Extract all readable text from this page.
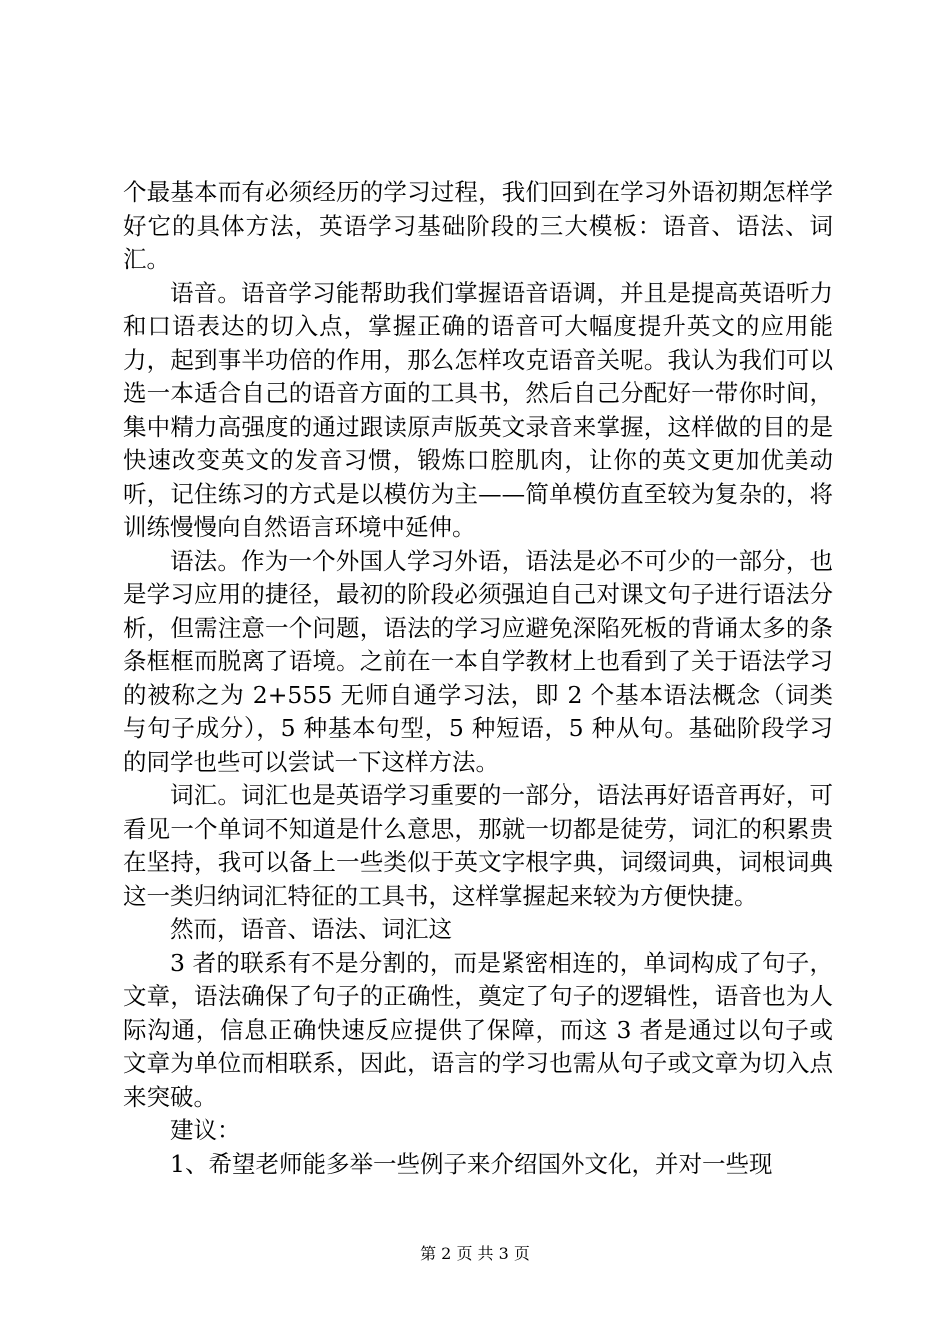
个最基本而有必须经历的学习过程，我们回到在学习外语初期怎样学好它的具体方法，英语学习基础阶段的三大模板：语音、语法、词汇。

语音。语音学习能帮助我们掌握语音语调，并且是提高英语听力和口语表达的切入点，掌握正确的语音可大幅度提升英文的应用能力，起到事半功倍的作用，那么怎样攻克语音关呢。我认为我们可以选一本适合自己的语音方面的工具书，然后自己分配好一带你时间，集中精力高强度的通过跟读原声版英文录音来掌握，这样做的目的是快速改变英文的发音习惯，锻炼口腔肌肉，让你的英文更加优美动听，记住练习的方式是以模仿为主——简单模仿直至较为复杂的，将训练慢慢向自然语言环境中延伸。

语法。作为一个外国人学习外语，语法是必不可少的一部分，也是学习应用的捷径，最初的阶段必须强迫自己对课文句子进行语法分析，但需注意一个问题，语法的学习应避免深陷死板的背诵太多的条条框框而脱离了语境。之前在一本自学教材上也看到了关于语法学习的被称之为 2+555 无师自通学习法，即 2 个基本语法概念（词类与句子成分），5 种基本句型，5 种短语，5 种从句。基础阶段学习的同学也些可以尝试一下这样方法。

词汇。词汇也是英语学习重要的一部分，语法再好语音再好，可看见一个单词不知道是什么意思，那就一切都是徒劳，词汇的积累贵在坚持，我可以备上一些类似于英文字根字典，词缀词典，词根词典这一类归纳词汇特征的工具书，这样掌握起来较为方便快捷。

然而，语音、语法、词汇这

3 者的联系有不是分割的，而是紧密相连的，单词构成了句子，文章，语法确保了句子的正确性，奠定了句子的逻辑性，语音也为人际沟通，信息正确快速反应提供了保障，而这 3 者是通过以句子或文章为单位而相联系，因此，语言的学习也需从句子或文章为切入点来突破。

建议：

1、希望老师能多举一些例子来介绍国外文化，并对一些现

第 2 页 共 3 页
